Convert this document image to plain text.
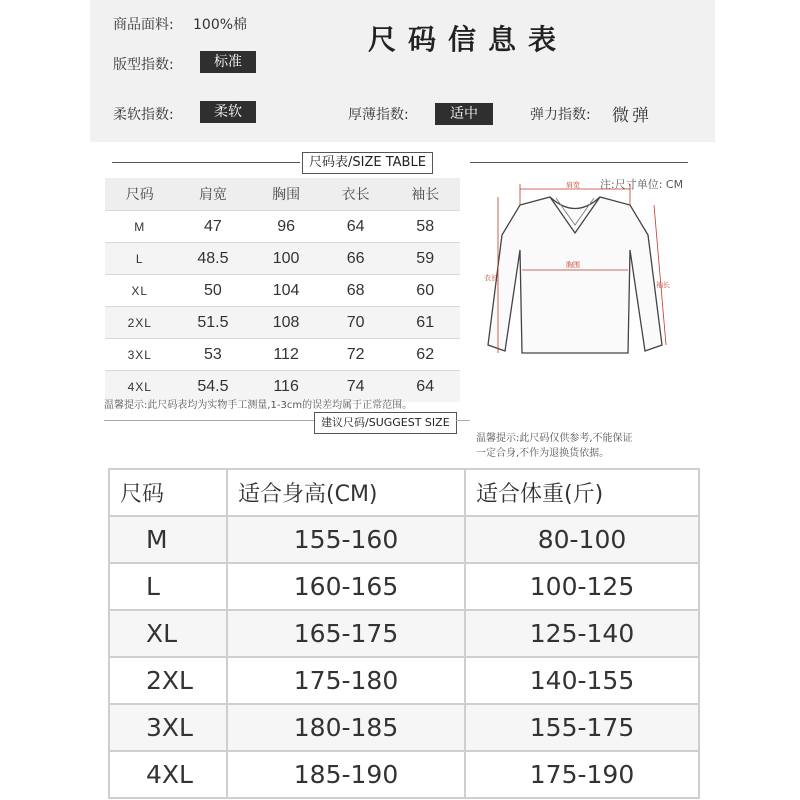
商品面料: 100%棉	尺码信息表
版型指数:	标准
柔软指数:	柔软	厚薄指数:	适中	弹力指数: 微弹
尺码表/SIZE TABLE
尺码	肩宽	胸围	衣长	袖长
M	47	96	64	58
L	48.5	100	66	59
XL	50	104	68	60
2XL	51.5	108	70	61
3XL	53	112	72	62
4XL	54.5	116	74	64
注:尺寸单位: CM
肩宽
胸围
衣长
袖长
温馨提示:此尺码表均为实物手工测量,1-3cm的误差均属于正常范围。
建议尺码/SUGGEST SIZE
温馨提示:此尺码仅供参考,不能保证
一定合身,不作为退换货依据。
尺码	适合身高(CM)	适合体重(斤)
M	155-160	80-100
L	160-165	100-125
XL	165-175	125-140
2XL	175-180	140-155
3XL	180-185	155-175
4XL	185-190	175-190
